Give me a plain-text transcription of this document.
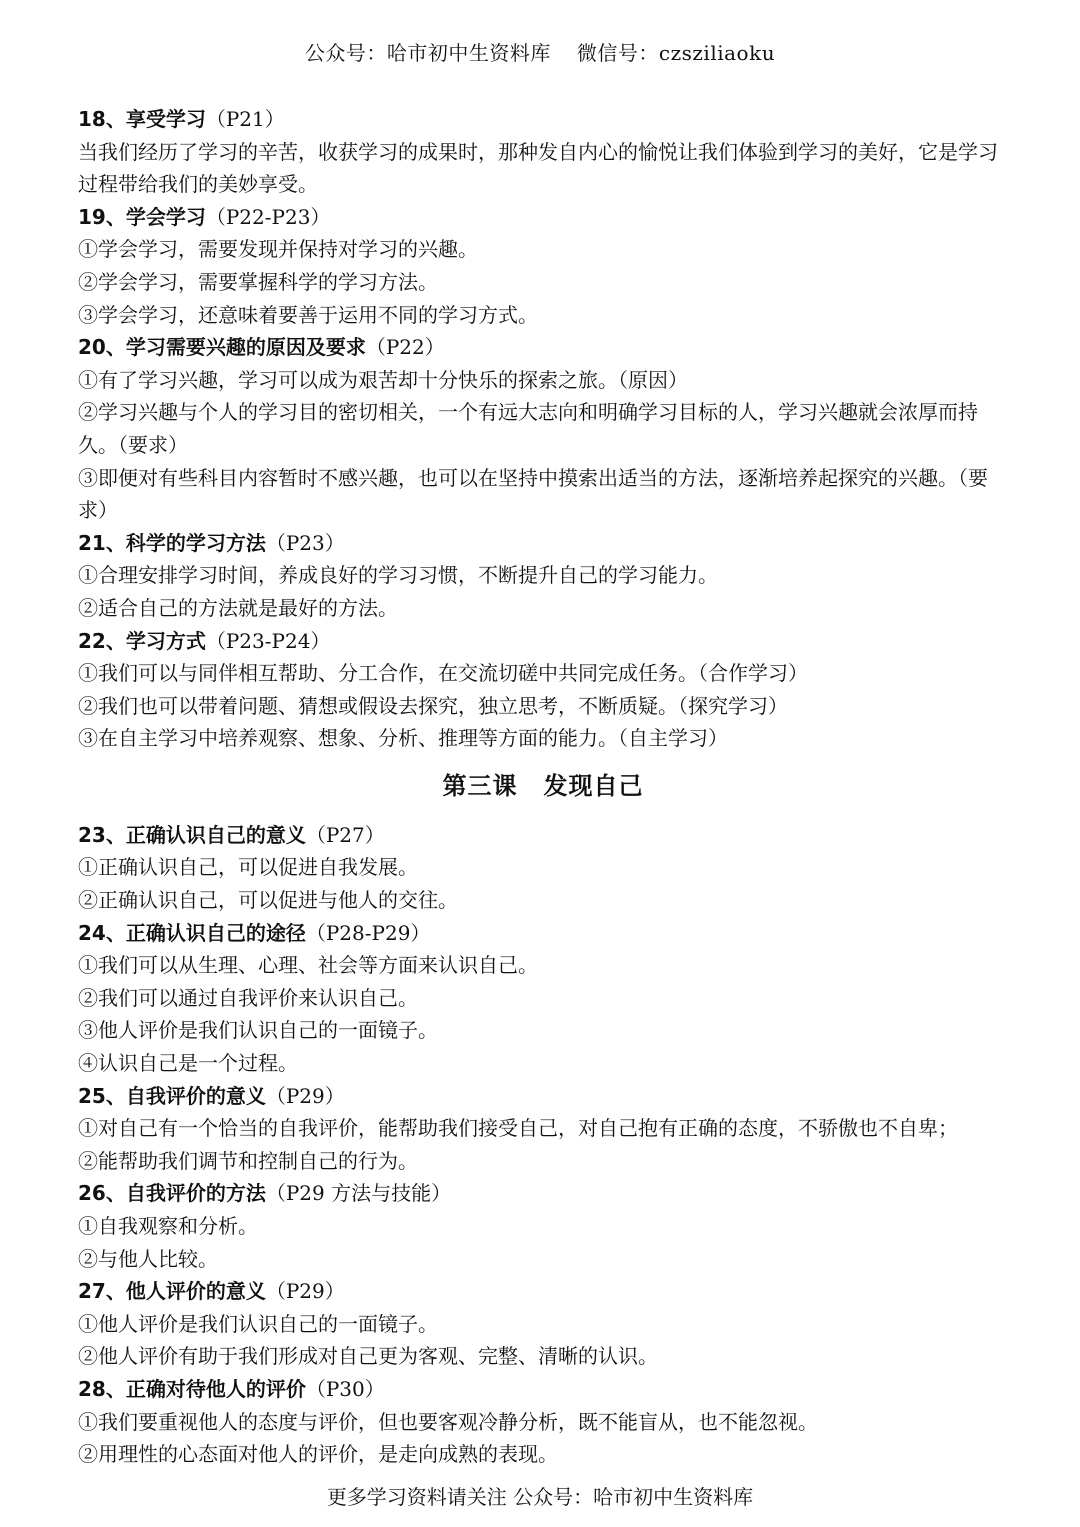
公众号：哈市初中生资料库 微信号：czsziliaoku
18、享受学习（P21）
当我们经历了学习的辛苦，收获学习的成果时，那种发自内心的愉悦让我们体验到学习的美好，它是学习过程带给我们的美妙享受。
19、学会学习（P22-P23）
①学会学习，需要发现并保持对学习的兴趣。
②学会学习，需要掌握科学的学习方法。
③学会学习，还意味着要善于运用不同的学习方式。
20、学习需要兴趣的原因及要求（P22）
①有了学习兴趣，学习可以成为艰苦却十分快乐的探索之旅。（原因）
②学习兴趣与个人的学习目的密切相关，一个有远大志向和明确学习目标的人，学习兴趣就会浓厚而持久。（要求）
③即便对有些科目内容暂时不感兴趣，也可以在坚持中摸索出适当的方法，逐渐培养起探究的兴趣。（要求）
21、科学的学习方法（P23）
①合理安排学习时间，养成良好的学习习惯，不断提升自己的学习能力。
②适合自己的方法就是最好的方法。
22、学习方式（P23-P24）
①我们可以与同伴相互帮助、分工合作，在交流切磋中共同完成任务。（合作学习）
②我们也可以带着问题、猜想或假设去探究，独立思考，不断质疑。（探究学习）
③在自主学习中培养观察、想象、分析、推理等方面的能力。（自主学习）
第三课 发现自己
23、正确认识自己的意义（P27）
①正确认识自己，可以促进自我发展。
②正确认识自己，可以促进与他人的交往。
24、正确认识自己的途径（P28-P29）
①我们可以从生理、心理、社会等方面来认识自己。
②我们可以通过自我评价来认识自己。
③他人评价是我们认识自己的一面镜子。
④认识自己是一个过程。
25、自我评价的意义（P29）
①对自己有一个恰当的自我评价，能帮助我们接受自己，对自己抱有正确的态度，不骄傲也不自卑；
②能帮助我们调节和控制自己的行为。
26、自我评价的方法（P29 方法与技能）
①自我观察和分析。
②与他人比较。
27、他人评价的意义（P29）
①他人评价是我们认识自己的一面镜子。
②他人评价有助于我们形成对自己更为客观、完整、清晰的认识。
28、正确对待他人的评价（P30）
①我们要重视他人的态度与评价，但也要客观冷静分析，既不能盲从，也不能忽视。
②用理性的心态面对他人的评价，是走向成熟的表现。
更多学习资料请关注 公众号：哈市初中生资料库
